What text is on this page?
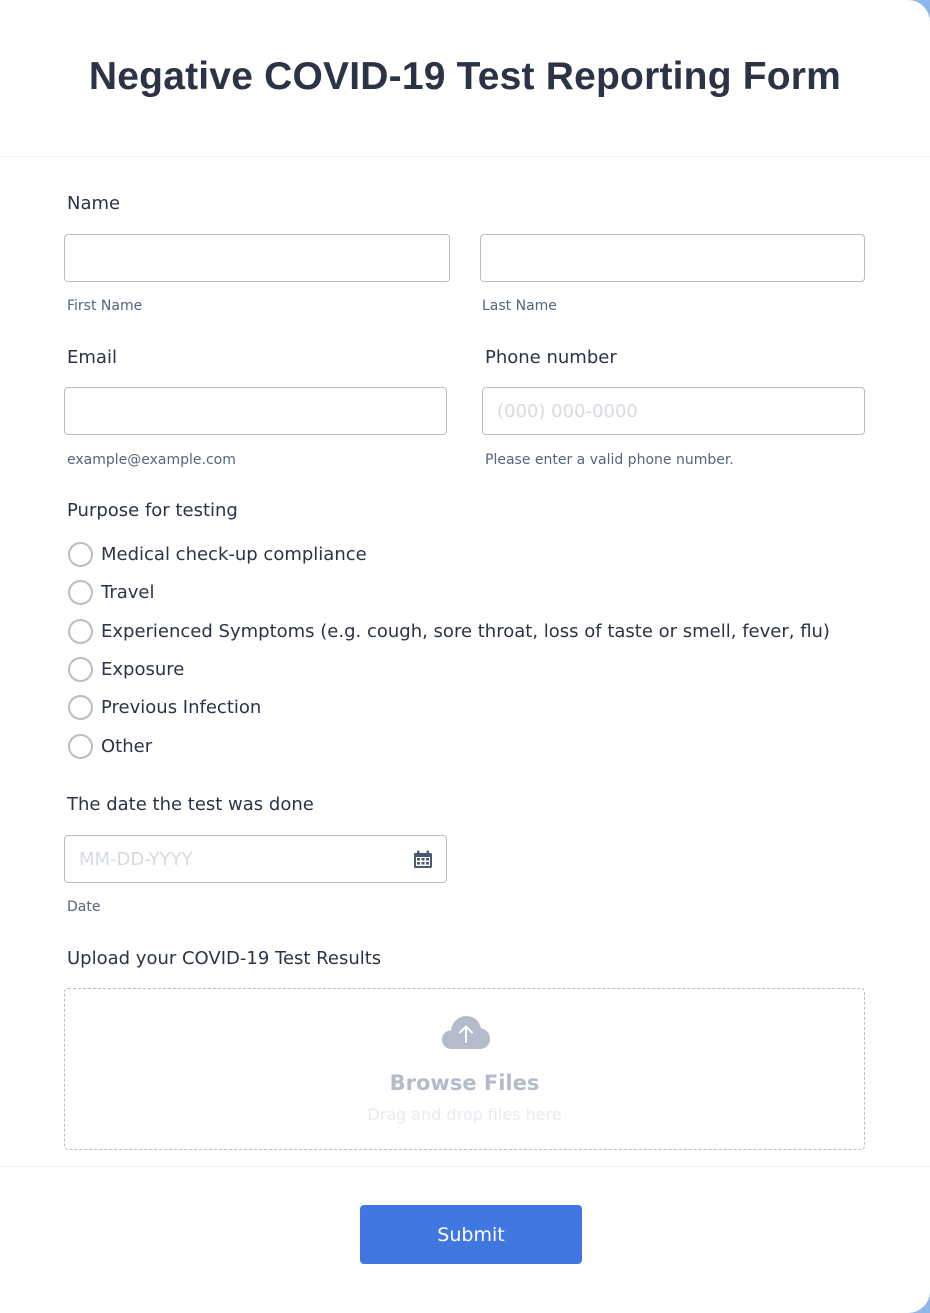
Negative COVID-19 Test Reporting Form
Name
First Name	Last Name
Email	Phone number
(000) 000-0000
example@example.com	Please enter a valid phone number.
Purpose for testing
Medical check-up compliance
Travel
Experienced Symptoms (e.g. cough, sore throat, loss of taste or smell, fever, flu)
Exposure
Previous Infection
Other
The date the test was done
MM-DD-YYYY
Date
Upload your COVID-19 Test Results
Browse Files
Drag and drop files here
Submit
